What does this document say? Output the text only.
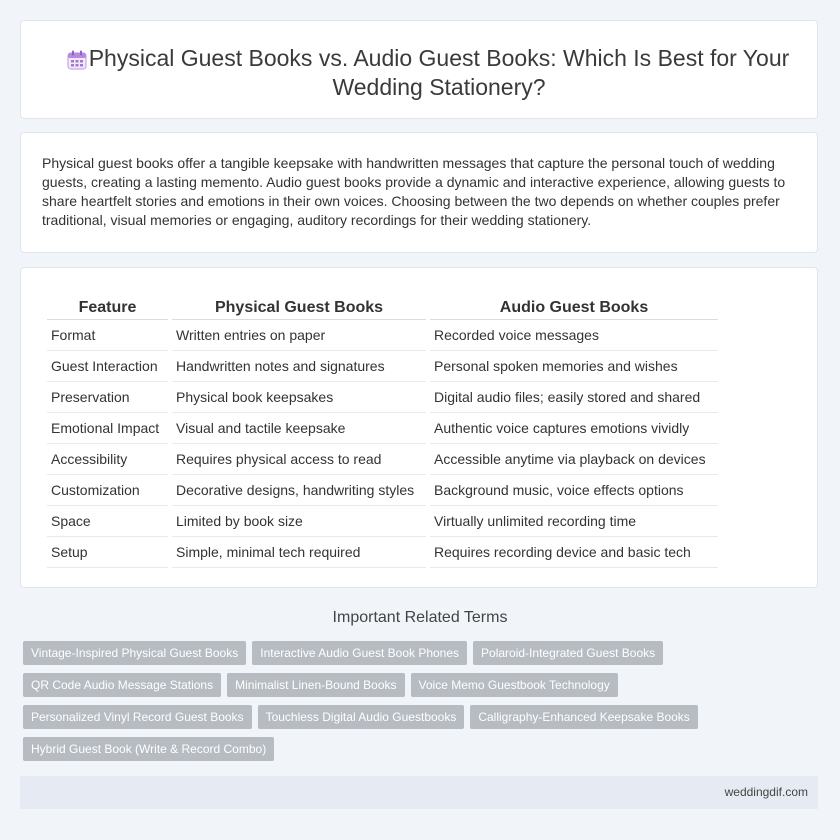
Physical Guest Books vs. Audio Guest Books: Which Is Best for Your Wedding Stationery?

Physical guest books offer a tangible keepsake with handwritten messages that capture the personal touch of wedding guests, creating a lasting memento. Audio guest books provide a dynamic and interactive experience, allowing guests to share heartfelt stories and emotions in their own voices. Choosing between the two depends on whether couples prefer traditional, visual memories or engaging, auditory recordings for their wedding stationery.

Feature	Physical Guest Books	Audio Guest Books
Format	Written entries on paper	Recorded voice messages
Guest Interaction	Handwritten notes and signatures	Personal spoken memories and wishes
Preservation	Physical book keepsakes	Digital audio files; easily stored and shared
Emotional Impact	Visual and tactile keepsake	Authentic voice captures emotions vividly
Accessibility	Requires physical access to read	Accessible anytime via playback on devices
Customization	Decorative designs, handwriting styles	Background music, voice effects options
Space	Limited by book size	Virtually unlimited recording time
Setup	Simple, minimal tech required	Requires recording device and basic tech
Important Related Terms
Vintage-Inspired Physical Guest Books	Interactive Audio Guest Book Phones	Polaroid-Integrated Guest Books
QR Code Audio Message Stations	Minimalist Linen-Bound Books	Voice Memo Guestbook Technology
Personalized Vinyl Record Guest Books	Touchless Digital Audio Guestbooks	Calligraphy-Enhanced Keepsake Books
Hybrid Guest Book (Write & Record Combo)
weddingdif.com
